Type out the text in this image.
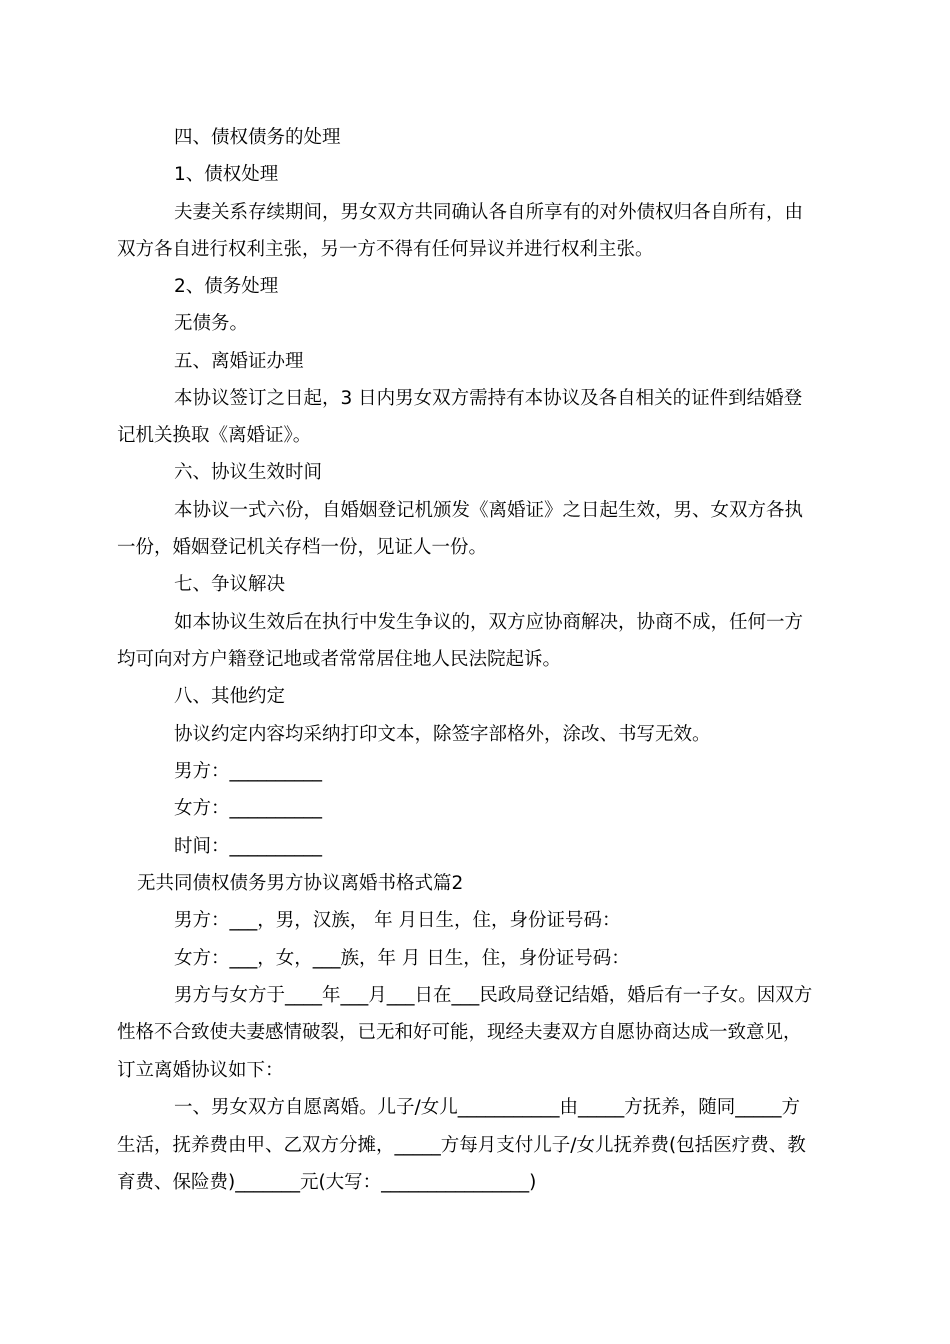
四、债权债务的处理
1、债权处理
夫妻关系存续期间，男女双方共同确认各自所享有的对外债权归各自所有，由
双方各自进行权利主张，另一方不得有任何异议并进行权利主张。
2、债务处理
无债务。
五、离婚证办理
本协议签订之日起，3 日内男女双方需持有本协议及各自相关的证件到结婚登
记机关换取《离婚证》。
六、协议生效时间
本协议一式六份，自婚姻登记机颁发《离婚证》之日起生效，男、女双方各执
一份，婚姻登记机关存档一份，见证人一份。
七、争议解决
如本协议生效后在执行中发生争议的，双方应协商解决，协商不成，任何一方
均可向对方户籍登记地或者常常居住地人民法院起诉。
八、其他约定
协议约定内容均采纳打印文本，除签字部格外，涂改、书写无效。
男方：__________
女方：__________
时间：__________
无共同债权债务男方协议离婚书格式篇2
男方：___，男，汉族， 年 月日生，住，身份证号码：
女方：___，女，___族，年 月 日生，住，身份证号码：
男方与女方于____年___月___日在___民政局登记结婚，婚后有一子女。因双方
性格不合致使夫妻感情破裂，已无和好可能，现经夫妻双方自愿协商达成一致意见，
订立离婚协议如下：
一、男女双方自愿离婚。儿子/女儿___________由_____方抚养，随同_____方
生活，抚养费由甲、乙双方分摊，_____方每月支付儿子/女儿抚养费(包括医疗费、教
育费、保险费)_______元(大写：________________)
